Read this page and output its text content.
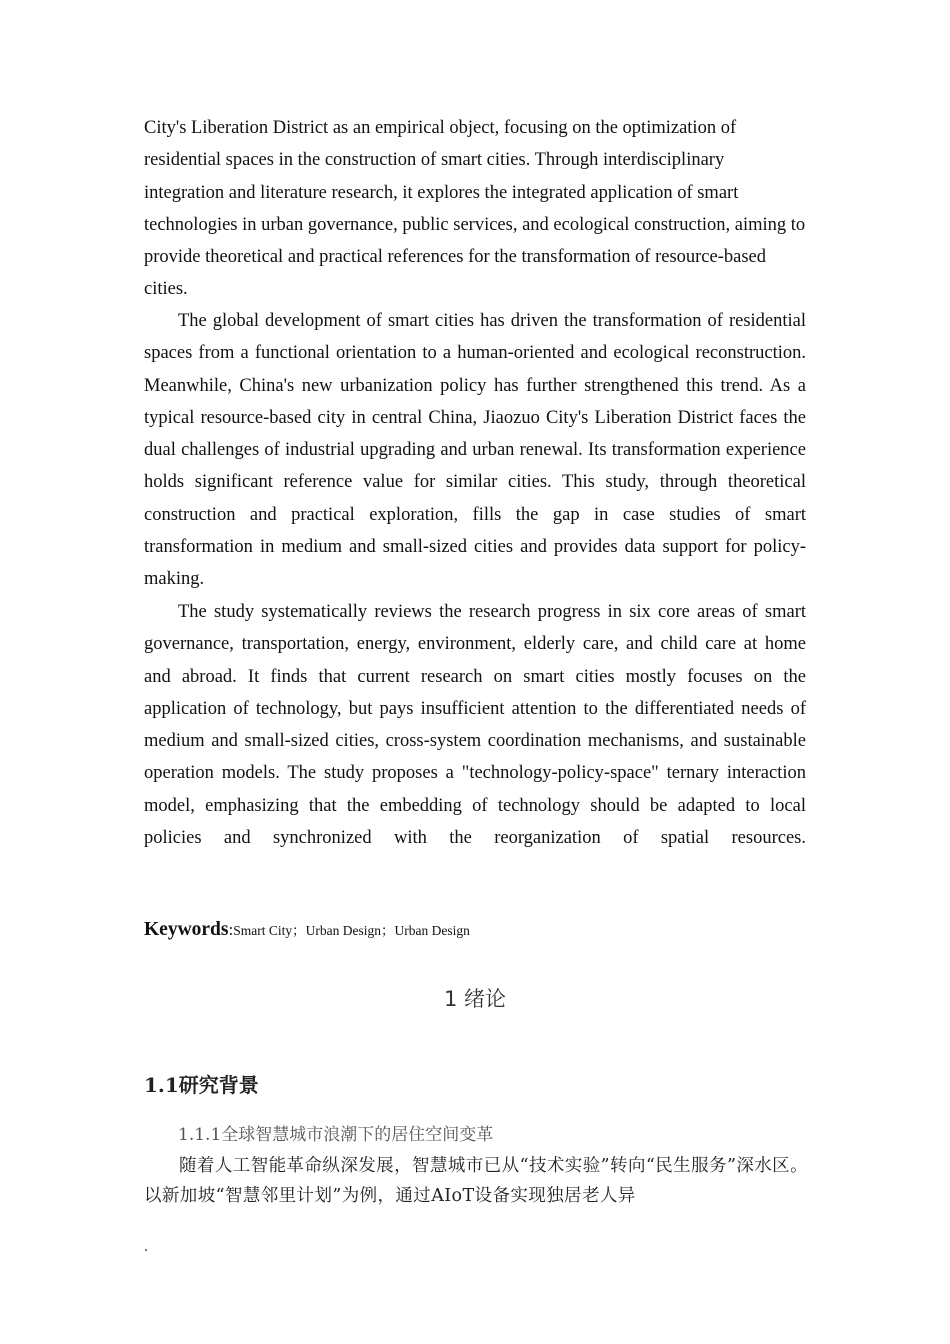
City's Liberation District as an empirical object, focusing on the optimization of residential spaces in the construction of smart cities. Through interdisciplinary integration and literature research, it explores the integrated application of smart technologies in urban governance, public services, and ecological construction, aiming to provide theoretical and practical references for the transformation of resource-based cities.

The global development of smart cities has driven the transformation of residential spaces from a functional orientation to a human-oriented and ecological reconstruction. Meanwhile, China's new urbanization policy has further strengthened this trend. As a typical resource-based city in central China, Jiaozuo City's Liberation District faces the dual challenges of industrial upgrading and urban renewal. Its transformation experience holds significant reference value for similar cities. This study, through theoretical construction and practical exploration, fills the gap in case studies of smart transformation in medium and small-sized cities and provides data support for policy-making.

The study systematically reviews the research progress in six core areas of smart governance, transportation, energy, environment, elderly care, and child care at home and abroad. It finds that current research on smart cities mostly focuses on the application of technology, but pays insufficient attention to the differentiated needs of medium and small-sized cities, cross-system coordination mechanisms, and sustainable operation models. The study proposes a "technology-policy-space" ternary interaction model, emphasizing that the embedding of technology should be adapted to local policies and synchronized with the reorganization of spatial resources.

Keywords:Smart City；Urban Design；Urban Design
1 绪论
1.1研究背景
1.1.1全球智慧城市浪潮下的居住空间变革

随着人工智能革命纵深发展，智慧城市已从“技术实验”转向“民生服务”深水区。以新加坡“智慧邻里计划”为例，通过AIoT设备实现独居老人异

.
